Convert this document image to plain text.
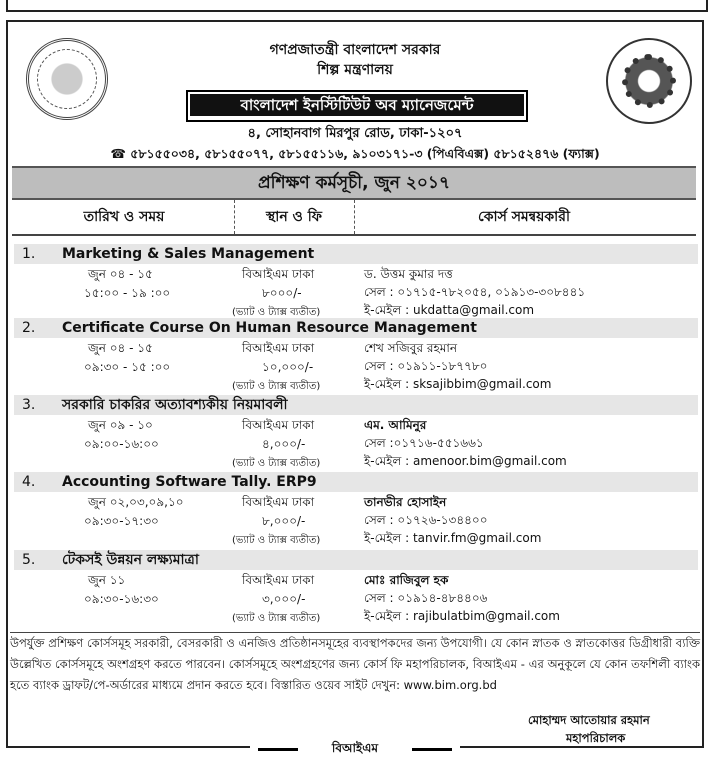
গণপ্রজাতন্ত্রী বাংলাদেশ সরকার
শিল্প মন্ত্রণালয়
বাংলাদেশ ইনস্টিটিউট অব ম্যানেজমেন্ট
৪, সোহানবাগ মিরপুর রোড, ঢাকা-১২০৭
☎ ৫৮১৫৫০৩৪, ৫৮১৫৫০৭৭, ৫৮১৫৫১১৬, ৯১০৩১৭১-৩ (পিএবিএক্স) ৫৮১৫২৪৭৬ (ফ্যাক্স)
প্রশিক্ষণ কর্মসূচী, জুন ২০১৭
তারিখ ও সময়	স্থান ও ফি	কোর্স সমন্বয়কারী
1. Marketing & Sales Management
জুন ০৪ - ১৫
১৫:০০ - ১৯ :০০
বিআইএম ঢাকা
৮০০০/-
(ভ্যাট ও ট্যাক্স ব্যতীত)
ড. উত্তম কুমার দত্ত
সেল : ০১৭১৫-৭৮২০৫৪, ০১৯১৩-৩০৮৪৪১
ই-মেইল : ukdatta@gmail.com
2. Certificate Course On Human Resource Management
জুন ০৪ - ১৫
০৯:৩০ - ১৫ :০০
বিআইএম ঢাকা
১০,০০০/-
(ভ্যাট ও ট্যাক্স ব্যতীত)
শেখ সজিবুর রহমান
সেল : ০১৯১১-১৮৭৭৮০
ই-মেইল : sksajibbim@gmail.com
3. সরকারি চাকরির অত্যাবশ্যকীয় নিয়মাবলী
জুন ০৯ - ১০
০৯:০০-১৬:০০
বিআইএম ঢাকা
৪,০০০/-
(ভ্যাট ও ট্যাক্স ব্যতীত)
এম. আমিনুর
সেল :০১৭১৬-৫৫১৬৬১
ই-মেইল : amenoor.bim@gmail.com
4. Accounting Software Tally. ERP9
জুন ০২,০৩,০৯,১০
০৯:৩০-১৭:৩০
বিআইএম ঢাকা
৮,০০০/-
(ভ্যাট ও ট্যাক্স ব্যতীত)
তানভীর হোসাইন
সেল : ০১৭২৬-১৩৪৪০০
ই-মেইল : tanvir.fm@gmail.com
5. টেকসই উন্নয়ন লক্ষ্যমাত্রা
জুন ১১
০৯:৩০-১৬:৩০
বিআইএম ঢাকা
৩,০০০/-
(ভ্যাট ও ট্যাক্স ব্যতীত)
মোঃ রাজিবুল হক
সেল : ০১৯১৪-৪৮৪৪০৬
ই-মেইল : rajibulatbim@gmail.com
উপর্যুক্ত প্রশিক্ষণ কোর্সসমূহ সরকারী, বেসরকারী ও এনজিও প্রতিষ্ঠানসমূহের ব্যবস্থাপকদের জন্য উপযোগী। যে কোন স্নাতক ও স্নাতকোত্তর ডিগ্রীধারী ব্যক্তি উল্লেখিত কোর্সসমূহে অংশগ্রহণ করতে পারবেন। কোর্সসমূহে অংশগ্রহণের জন্য কোর্স ফি মহাপরিচালক, বিআইএম - এর অনুকূলে যে কোন তফশিলী ব্যাংক হতে ব্যাংক ড্রাফট/পে-অর্ডারের মাধ্যমে প্রদান করতে হবে। বিস্তারিত ওয়েব সাইট দেখুন: www.bim.org.bd
মোহাম্মদ আতোয়ার রহমান
মহাপরিচালক
বিআইএম
